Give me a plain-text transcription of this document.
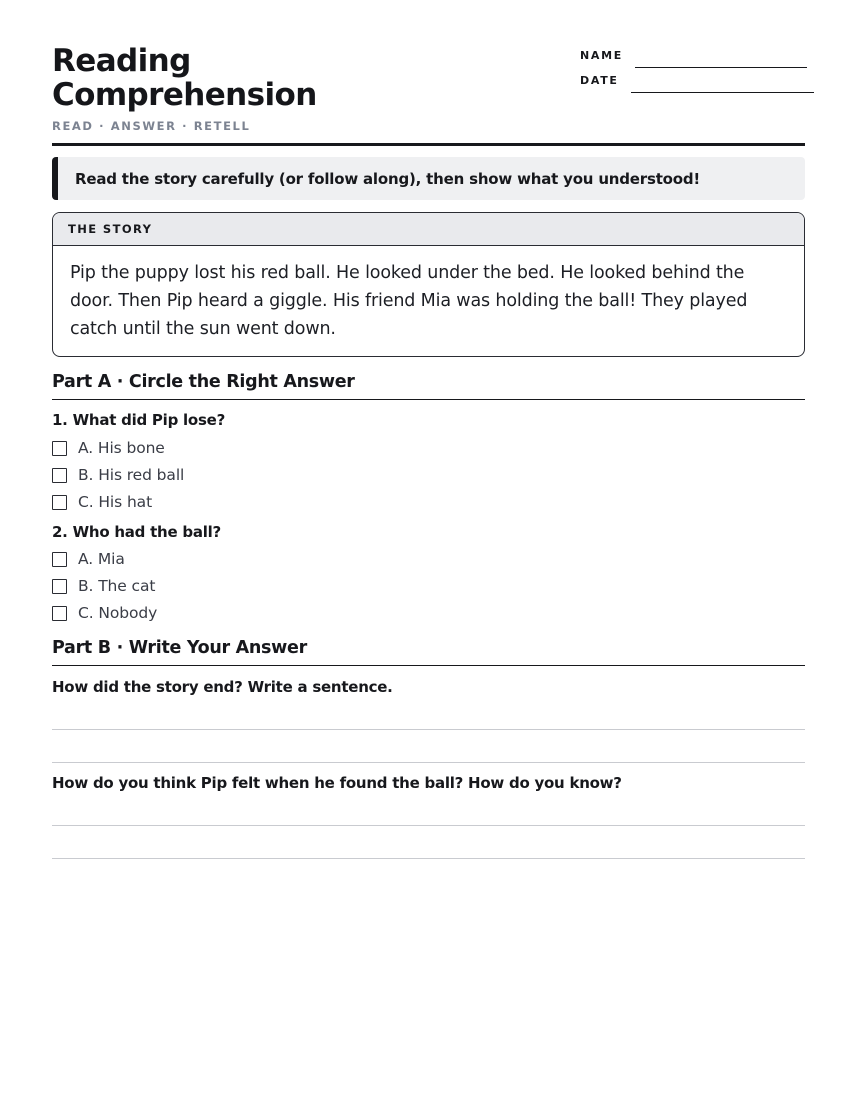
Reading
Comprehension
READ · ANSWER · RETELL
NAME
DATE
Read the story carefully (or follow along), then show what you understood!
THE STORY
Pip the puppy lost his red ball. He looked under the bed. He looked behind the door. Then Pip heard a giggle. His friend Mia was holding the ball! They played catch until the sun went down.
Part A · Circle the Right Answer
1. What did Pip lose?
A. His bone
B. His red ball
C. His hat
2. Who had the ball?
A. Mia
B. The cat
C. Nobody
Part B · Write Your Answer
How did the story end? Write a sentence.
How do you think Pip felt when he found the ball? How do you know?
